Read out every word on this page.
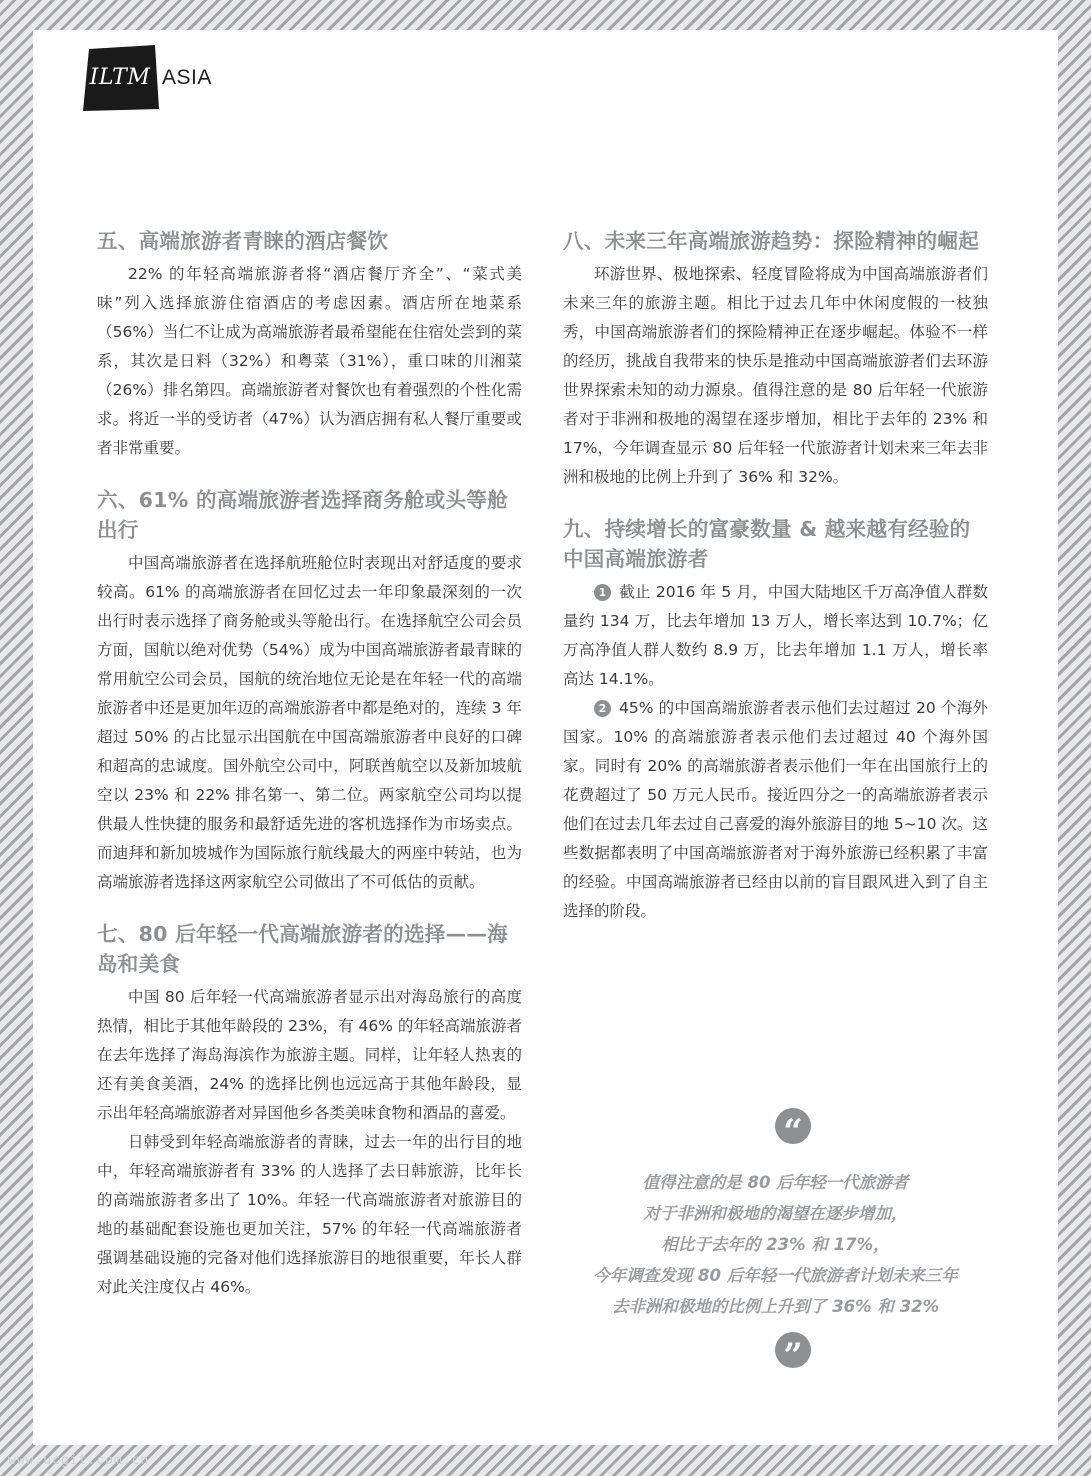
ILTM ASIA
五、高端旅游者青睐的酒店餐饮

22% 的年轻高端旅游者将“酒店餐厅齐全”、“菜式美味”列入选择旅游住宿酒店的考虑因素。酒店所在地菜系（56%）当仁不让成为高端旅游者最希望能在住宿处尝到的菜系，其次是日料（32%）和粤菜（31%），重口味的川湘菜（26%）排名第四。高端旅游者对餐饮也有着强烈的个性化需求。将近一半的受访者（47%）认为酒店拥有私人餐厅重要或者非常重要。

六、61% 的高端旅游者选择商务舱或头等舱出行

中国高端旅游者在选择航班舱位时表现出对舒适度的要求较高。61% 的高端旅游者在回忆过去一年印象最深刻的一次出行时表示选择了商务舱或头等舱出行。在选择航空公司会员方面，国航以绝对优势（54%）成为中国高端旅游者最青睐的常用航空公司会员，国航的统治地位无论是在年轻一代的高端旅游者中还是更加年迈的高端旅游者中都是绝对的，连续 3 年超过 50% 的占比显示出国航在中国高端旅游者中良好的口碑和超高的忠诚度。国外航空公司中，阿联酋航空以及新加坡航空以 23% 和 22% 排名第一、第二位。两家航空公司均以提供最人性快捷的服务和最舒适先进的客机选择作为市场卖点。而迪拜和新加坡城作为国际旅行航线最大的两座中转站，也为高端旅游者选择这两家航空公司做出了不可低估的贡献。

七、80 后年轻一代高端旅游者的选择——海岛和美食

中国 80 后年轻一代高端旅游者显示出对海岛旅行的高度热情，相比于其他年龄段的 23%，有 46% 的年轻高端旅游者在去年选择了海岛海滨作为旅游主题。同样，让年轻人热衷的还有美食美酒，24% 的选择比例也远远高于其他年龄段，显示出年轻高端旅游者对异国他乡各类美味食物和酒品的喜爱。

日韩受到年轻高端旅游者的青睐，过去一年的出行目的地中，年轻高端旅游者有 33% 的人选择了去日韩旅游，比年长的高端旅游者多出了 10%。年轻一代高端旅游者对旅游目的地的基础配套设施也更加关注，57% 的年轻一代高端旅游者强调基础设施的完备对他们选择旅游目的地很重要，年长人群对此关注度仅占 46%。

八、未来三年高端旅游趋势：探险精神的崛起

环游世界、极地探索、轻度冒险将成为中国高端旅游者们未来三年的旅游主题。相比于过去几年中休闲度假的一枝独秀，中国高端旅游者们的探险精神正在逐步崛起。体验不一样的经历，挑战自我带来的快乐是推动中国高端旅游者们去环游世界探索未知的动力源泉。值得注意的是 80 后年轻一代旅游者对于非洲和极地的渴望在逐步增加，相比于去年的 23% 和 17%，今年调查显示 80 后年轻一代旅游者计划未来三年去非洲和极地的比例上升到了 36% 和 32%。

九、持续增长的富豪数量 & 越来越有经验的中国高端旅游者

1 截止 2016 年 5 月，中国大陆地区千万高净值人群数量约 134 万，比去年增加 13 万人，增长率达到 10.7%；亿万高净值人群人数约 8.9 万，比去年增加 1.1 万人，增长率高达 14.1%。

2 45% 的中国高端旅游者表示他们去过超过 20 个海外国家。10% 的高端旅游者表示他们去过超过 40 个海外国家。同时有 20% 的高端旅游者表示他们一年在出国旅行上的花费超过了 50 万元人民币。接近四分之一的高端旅游者表示他们在过去几年去过自己喜爱的海外旅游目的地 5~10 次。这些数据都表明了中国高端旅游者对于海外旅游已经积累了丰富的经验。中国高端旅游者已经由以前的盲目跟风进入到了自主选择的阶段。

“
值得注意的是 80 后年轻一代旅游者
对于非洲和极地的渴望在逐步增加，
相比于去年的 23% 和 17%，
今年调查发现 80 后年轻一代旅游者计划未来三年
去非洲和极地的比例上升到了 36% 和 32%
”
www.ucgit.com.cn
